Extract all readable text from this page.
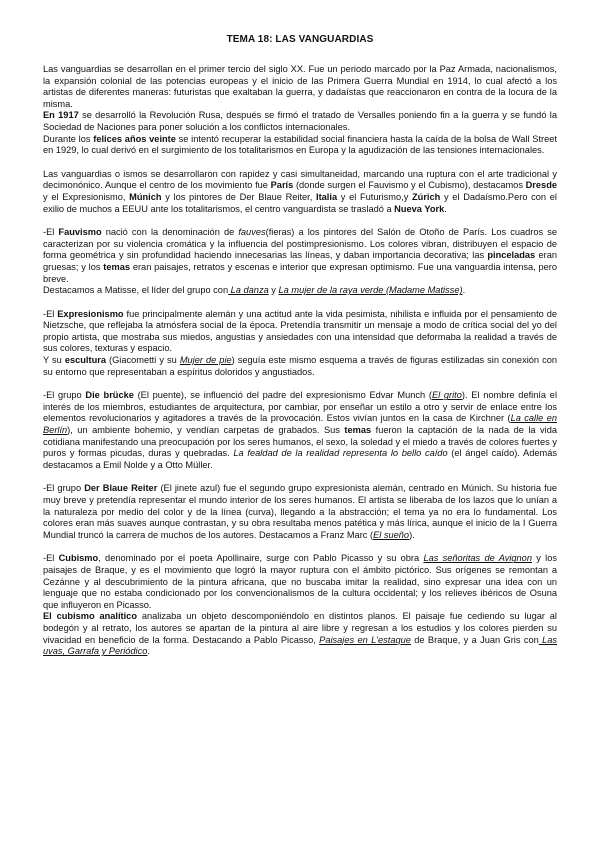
TEMA 18: LAS VANGUARDIAS

Las vanguardias se desarrollan en el primer tercio del siglo XX. Fue un periodo marcado por la Paz Armada, nacionalismos, la expansión colonial de las potencias europeas y el inicio de las Primera Guerra Mundial en 1914, lo cual afectó a los artistas de diferentes maneras: futuristas que exaltaban la guerra, y dadaístas que reaccionaron en contra de la locura de la misma.

En 1917 se desarrolló la Revolución Rusa, después se firmó el tratado de Versalles poniendo fin a la guerra y se fundó la Sociedad de Naciones para poner solución a los conflictos internacionales.

Durante los felices años veinte se intentó recuperar la estabilidad social financiera hasta la caída de la bolsa de Wall Street en 1929, lo cual derivó en el surgimiento de los totalitarismos en Europa y la agudización de las tensiones internacionales.

Las vanguardias o ismos se desarrollaron con rapidez y casi simultaneidad, marcando una ruptura con el arte tradicional y decimonónico. Aunque el centro de los movimiento fue París (donde surgen el Fauvismo y el Cubismo), destacamos Dresde y el Expresionismo, Múnich y los pintores de Der Blaue Reiter, Italia y el Futurismo,y Zúrich y el Dadaísmo.Pero con el exilio de muchos a EEUU ante los totalitarismos, el centro vanguardista se trasladó a Nueva York.

-El Fauvismo nació con la denominación de fauves(fieras) a los pintores del Salón de Otoño de París. Los cuadros se caracterizan por su violencia cromática y la influencia del postimpresionismo. Los colores vibran, distribuyen el espacio de forma geométrica y sin profundidad haciendo innecesarias las líneas, y daban importancia decorativa; las pinceladas eran gruesas; y los temas eran paisajes, retratos y escenas e interior que expresan optimismo. Fue una vanguardia intensa, pero breve.

Destacamos a Matisse, el líder del grupo con La danza y La mujer de la raya verde (Madame Matisse).

-El Expresionismo fue principalmente alemán y una actitud ante la vida pesimista, nihilista e influida por el pensamiento de Nietzsche, que reflejaba la atmósfera social de la época. Pretendía transmitir un mensaje a modo de crítica social del yo del propio artista, que mostraba sus miedos, angustias y ansiedades con una intensidad que deformaba la realidad a través de sus colores, texturas y espacio.

Y su escultura (Giacometti y su Mujer de pie) seguía este mismo esquema a través de figuras estilizadas sin conexión con su entorno que representaban a espíritus doloridos y angustiados.

-El grupo Die brücke (El puente), se influenció del padre del expresionismo Edvar Munch (El grito). El nombre definía el interés de los miembros, estudiantes de arquitectura, por cambiar, por enseñar un estilo a otro y servir de enlace entre los elementos revolucionarios y agitadores a través de la provocación. Estos vivían juntos en la casa de Kirchner (La calle en Berlín), un ambiente bohemio, y vendían carpetas de grabados. Sus temas fueron la captación de la nada de la vida cotidiana manifestando una preocupación por los seres humanos, el sexo, la soledad y el miedo a través de colores fuertes y puros y formas picudas, duras y quebradas. La fealdad de la realidad representa lo bello caído (el ángel caído). Además destacamos a Emil Nolde y a Otto Müller.

-El grupo Der Blaue Reiter (El jinete azul) fue el segundo grupo expresionista alemán, centrado en Múnich. Su historia fue muy breve y pretendía representar el mundo interior de los seres humanos. El artista se liberaba de los lazos que lo unían a la naturaleza por medio del color y de la línea (curva), llegando a la abstracción; el tema ya no era lo fundamental. Los colores eran más suaves aunque contrastan, y su obra resultaba menos patética y más lírica, aunque el inicio de la I Guerra Mundial truncó la carrera de muchos de los autores. Destacamos a Franz Marc (El sueño).

-El Cubismo, denominado por el poeta Apollinaire, surge con Pablo Picasso y su obra Las señoritas de Avignon y los paisajes de Braque, y es el movimiento que logró la mayor ruptura con el ámbito pictórico. Sus orígenes se remontan a Cezánne y al descubrimiento de la pintura africana, que no buscaba imitar la realidad, sino expresar una idea con un lenguaje que no estaba condicionado por los convencionalismos de la cultura occidental; y los relieves ibéricos de Osuna que influyeron en Picasso.

El cubismo analítico analizaba un objeto descomponiéndolo en distintos planos. El paisaje fue cediendo su lugar al bodegón y al retrato, los autores se apartan de la pintura al aire libre y regresan a los estudios y los colores pierden su vivacidad en beneficio de la forma. Destacando a Pablo Picasso, Paisajes en L'estaque de Braque, y a Juan Gris con Las uvas, Garrafa y Periódico.
